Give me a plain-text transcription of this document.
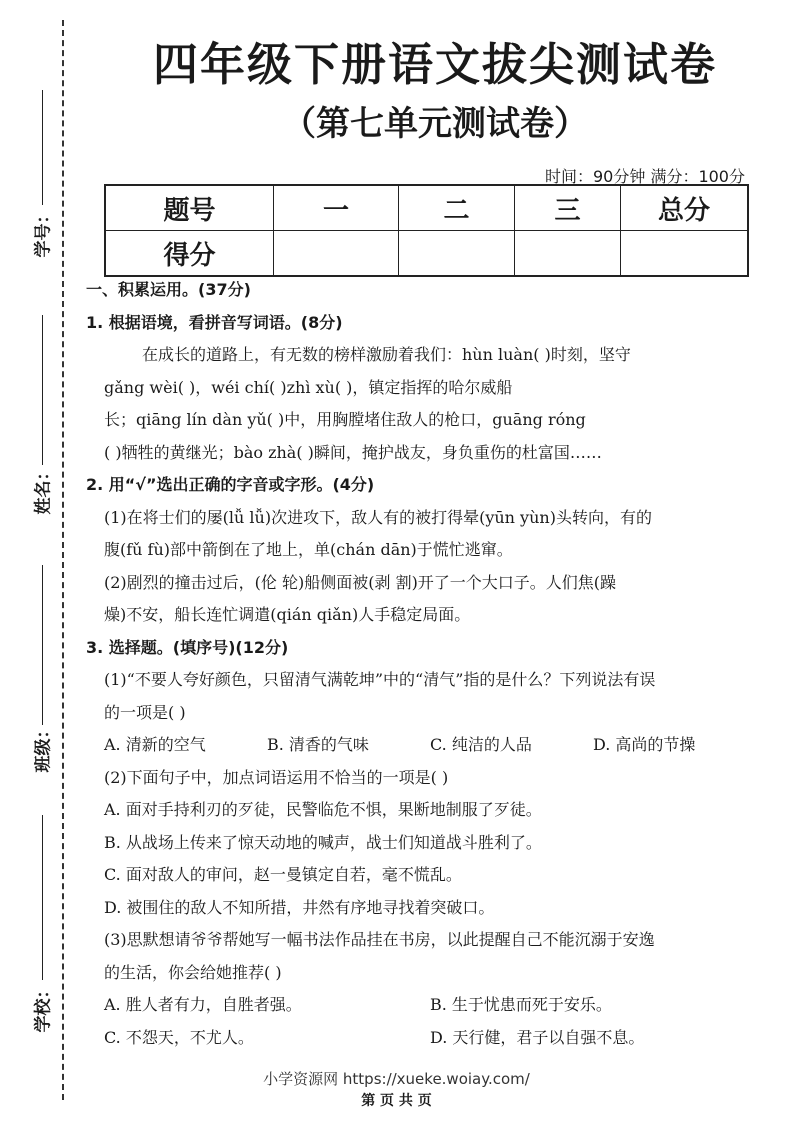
学号：
姓名：
班级：
学校：
四年级下册语文拔尖测试卷
（第七单元测试卷）
时间：90分钟 满分：100分
题号	一	二	三	总分
得分				

一、积累运用。(37分)

1. 根据语境，看拼音写词语。(8分)

在成长的道路上，有无数的榜样激励着我们：hùn luàn( )时刻，坚守

gǎng wèi( )，wéi chí( )zhì xù( )，镇定指挥的哈尔威船

长；qiāng lín dàn yǔ( )中，用胸膛堵住敌人的枪口，guāng róng

( )牺牲的黄继光；bào zhà( )瞬间，掩护战友，身负重伤的杜富国……

2. 用“√”选出正确的字音或字形。(4分)

(1)在将士们的屡(lǚ lǚ)次进攻下，敌人有的被打得晕(yūn yùn)头转向，有的

腹(fǔ fù)部中箭倒在了地上，单(chán dān)于慌忙逃窜。

(2)剧烈的撞击过后，(伦 轮)船侧面被(剥 割)开了一个大口子。人们焦(躁

燥)不安，船长连忙调遣(qián qiǎn)人手稳定局面。

3. 选择题。(填序号)(12分)

(1)“不要人夸好颜色，只留清气满乾坤”中的“清气”指的是什么？下列说法有误

的一项是( )

A. 清新的空气	B. 清香的气味	C. 纯洁的人品	D. 高尚的节操

(2)下面句子中，加点词语运用不恰当的一项是( )

A. 面对手持利刃的歹徒，民警临危不惧，果断地制服了歹徒。

B. 从战场上传来了惊天动地的喊声，战士们知道战斗胜利了。

C. 面对敌人的审问，赵一曼镇定自若，毫不慌乱。

D. 被围住的敌人不知所措，井然有序地寻找着突破口。

(3)思默想请爷爷帮她写一幅书法作品挂在书房，以此提醒自己不能沉溺于安逸

的生活，你会给她推荐( )

A. 胜人者有力，自胜者强。	B. 生于忧患而死于安乐。
C. 不怨天，不尤人。	D. 天行健，君子以自强不息。
小学资源网 https://xueke.woiay.com/
第 页 共 页
